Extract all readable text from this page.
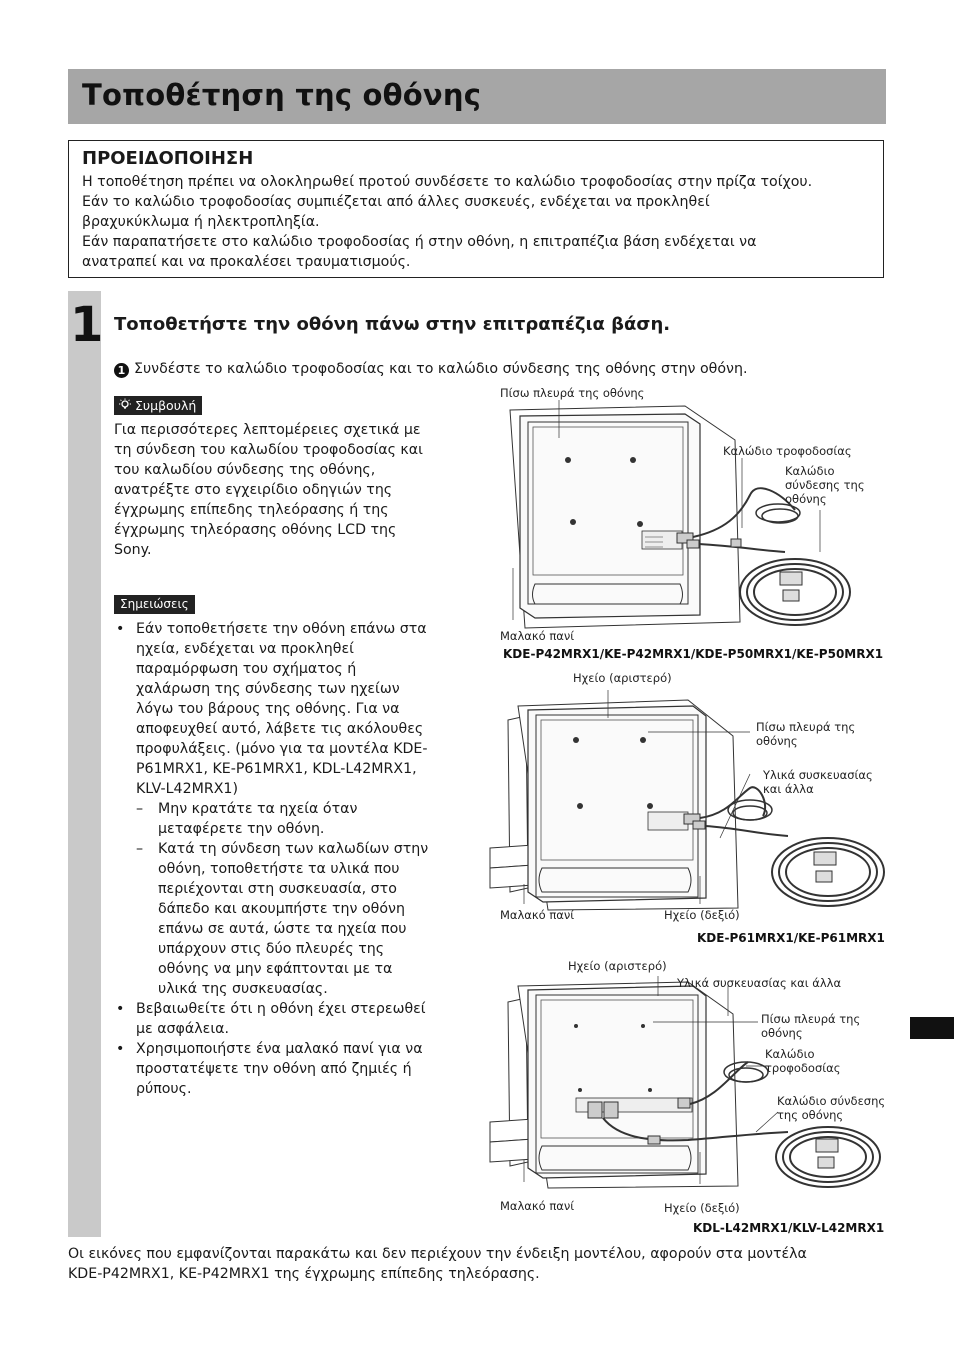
Τοποθέτηση της οθόνης
ΠΡΟΕΙΔΟΠΟΙΗΣΗ

Η τοποθέτηση πρέπει να ολοκληρωθεί προτού συνδέσετε το καλώδιο τροφοδοσίας στην πρίζα τοίχου.

Εάν το καλώδιο τροφοδοσίας συμπιέζεται από άλλες συσκευές, ενδέχεται να προκληθεί

βραχυκύκλωμα ή ηλεκτροπληξία.

Εάν παραπατήσετε στο καλώδιο τροφοδοσίας ή στην οθόνη, η επιτραπέζια βάση ενδέχεται να

ανατραπεί και να προκαλέσει τραυματισμούς.

1 Τοποθετήστε την οθόνη πάνω στην επιτραπέζια βάση.
1 Συνδέστε το καλώδιο τροφοδοσίας και το καλώδιο σύνδεσης της οθόνης στην οθόνη.
Συμβουλή

Για περισσότερες λεπτομέρειες σχετικά με
τη σύνδεση του καλωδίου τροφοδοσίας και
του καλωδίου σύνδεσης της οθόνης,
ανατρέξτε στο εγχειρίδιο οδηγιών της
έγχρωμης επίπεδης τηλεόρασης ή της
έγχρωμης τηλεόρασης οθόνης LCD της
Sony.

Σημειώσεις
• Εάν τοποθετήσετε την οθόνη επάνω στα
ηχεία, ενδέχεται να προκληθεί
παραμόρφωση του σχήματος ή
χαλάρωση της σύνδεσης των ηχείων
λόγω του βάρους της οθόνης. Για να
αποφευχθεί αυτό, λάβετε τις ακόλουθες
προφυλάξεις. (μόνο για τα μοντέλα KDE-
P61MRX1, KE-P61MRX1, KDL-L42MRX1,
KLV-L42MRX1)
– Μην κρατάτε τα ηχεία όταν
μεταφέρετε την οθόνη.
– Κατά τη σύνδεση των καλωδίων στην
οθόνη, τοποθετήστε τα υλικά που
περιέχονται στη συσκευασία, στο
δάπεδο και ακουμπήστε την οθόνη
επάνω σε αυτά, ώστε τα ηχεία που
υπάρχουν στις δύο πλευρές της
οθόνης να μην εφάπτονται με τα
υλικά της συσκευασίας.
• Βεβαιωθείτε ότι η οθόνη έχει στερεωθεί
με ασφάλεια.
• Χρησιμοποιήστε ένα μαλακό πανί για να
προστατέψετε την οθόνη από ζημιές ή
ρύπους.
Πίσω πλευρά της οθόνης
Καλώδιο τροφοδοσίας
Καλώδιο
σύνδεσης της
οθόνης
Μαλακό πανί
KDE-P42MRX1/KE-P42MRX1/KDE-P50MRX1/KE-P50MRX1
Ηχείο (αριστερό)
Πίσω πλευρά της
οθόνης
Υλικά συσκευασίας
και άλλα
Μαλακό πανί	Ηχείο (δεξιό)
KDE-P61MRX1/KE-P61MRX1
Ηχείο (αριστερό)
Υλικά συσκευασίας και άλλα
Πίσω πλευρά της
οθόνης
Καλώδιο
τροφοδοσίας
Καλώδιο σύνδεσης
της οθόνης
Μαλακό πανί	Ηχείο (δεξιό)
KDL-L42MRX1/KLV-L42MRX1

Οι εικόνες που εμφανίζονται παρακάτω και δεν περιέχουν την ένδειξη μοντέλου, αφορούν στα μοντέλα
KDE-P42MRX1, KE-P42MRX1 της έγχρωμης επίπεδης τηλεόρασης.
